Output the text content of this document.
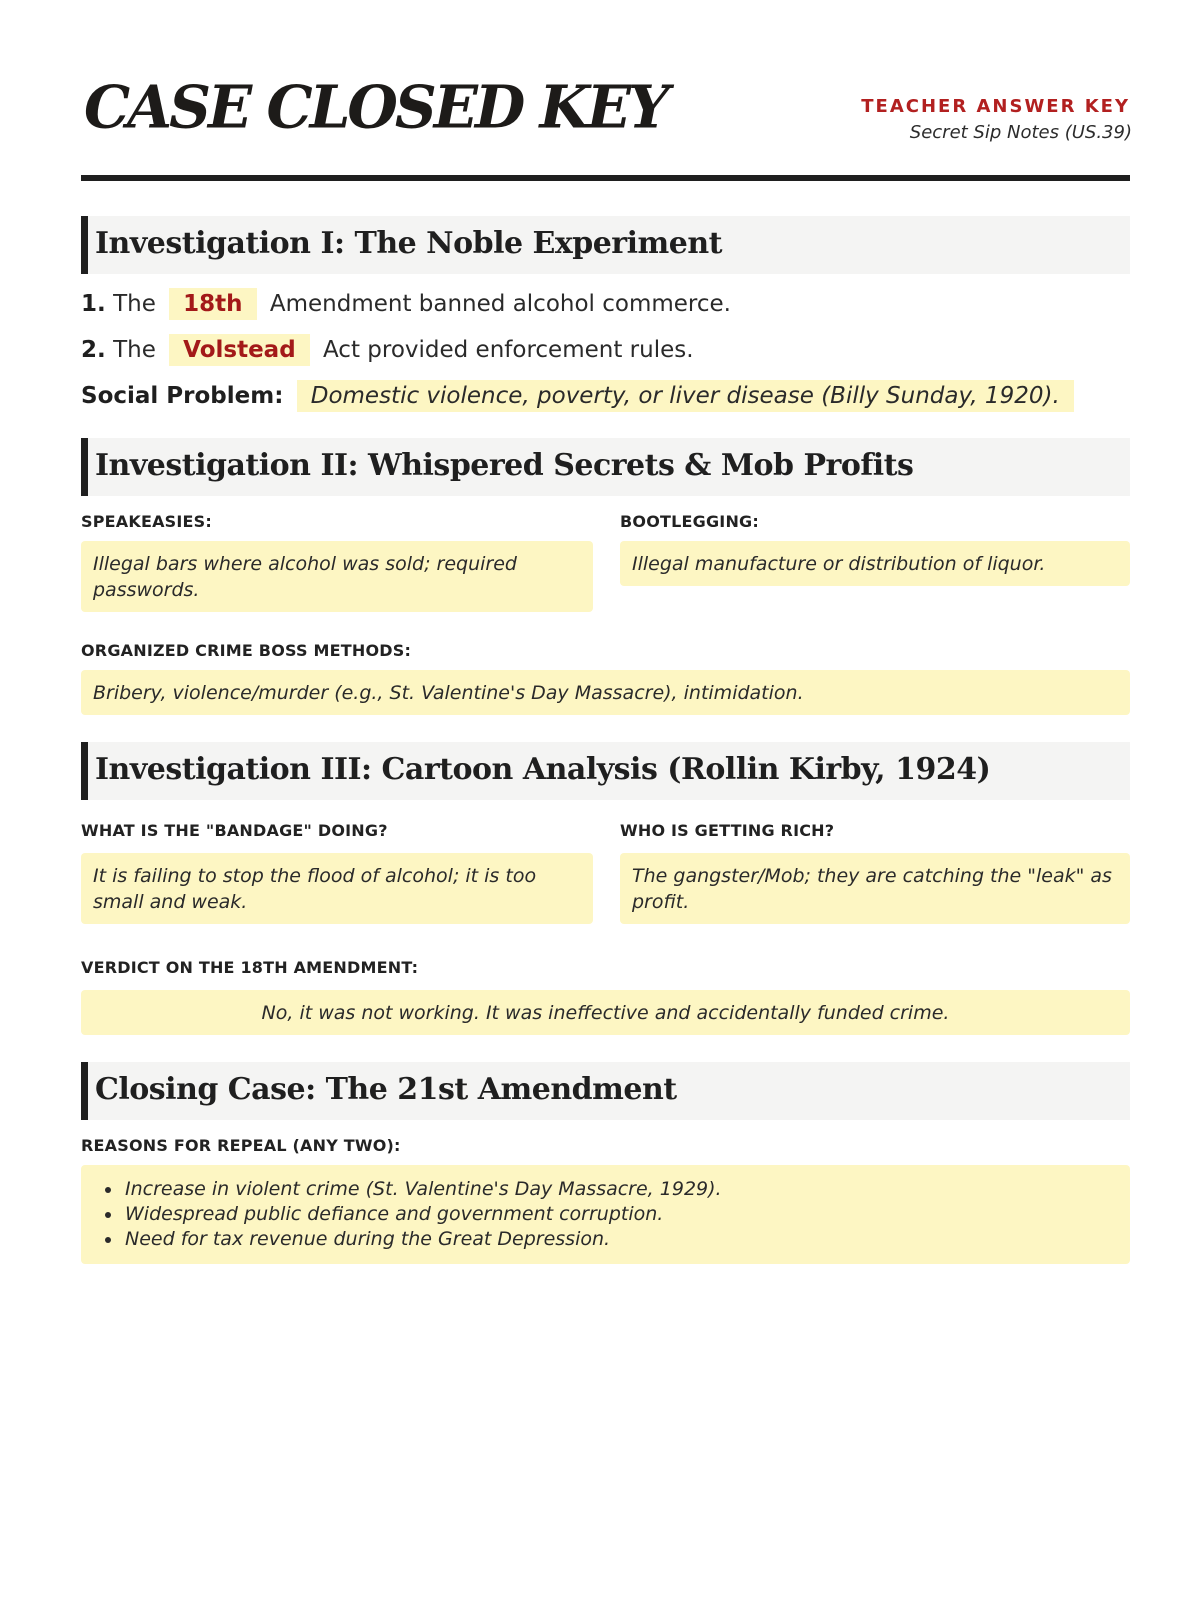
CASE CLOSED KEY	TEACHER ANSWER KEY
Secret Sip Notes (US.39)
Investigation I: The Noble Experiment
1. The 18th Amendment banned alcohol commerce.
2. The Volstead Act provided enforcement rules.
Social Problem: Domestic violence, poverty, or liver disease (Billy Sunday, 1920).
Investigation II: Whispered Secrets & Mob Profits
SPEAKEASIES:
Illegal bars where alcohol was sold; required passwords.
BOOTLEGGING:
Illegal manufacture or distribution of liquor.
ORGANIZED CRIME BOSS METHODS:
Bribery, violence/murder (e.g., St. Valentine's Day Massacre), intimidation.
Investigation III: Cartoon Analysis (Rollin Kirby, 1924)
WHAT IS THE "BANDAGE" DOING?
It is failing to stop the flood of alcohol; it is too small and weak.
WHO IS GETTING RICH?
The gangster/Mob; they are catching the "leak" as profit.
VERDICT ON THE 18TH AMENDMENT:
No, it was not working. It was ineffective and accidentally funded crime.
Closing Case: The 21st Amendment
REASONS FOR REPEAL (ANY TWO):
• Increase in violent crime (St. Valentine's Day Massacre, 1929).
• Widespread public defiance and government corruption.
• Need for tax revenue during the Great Depression.
